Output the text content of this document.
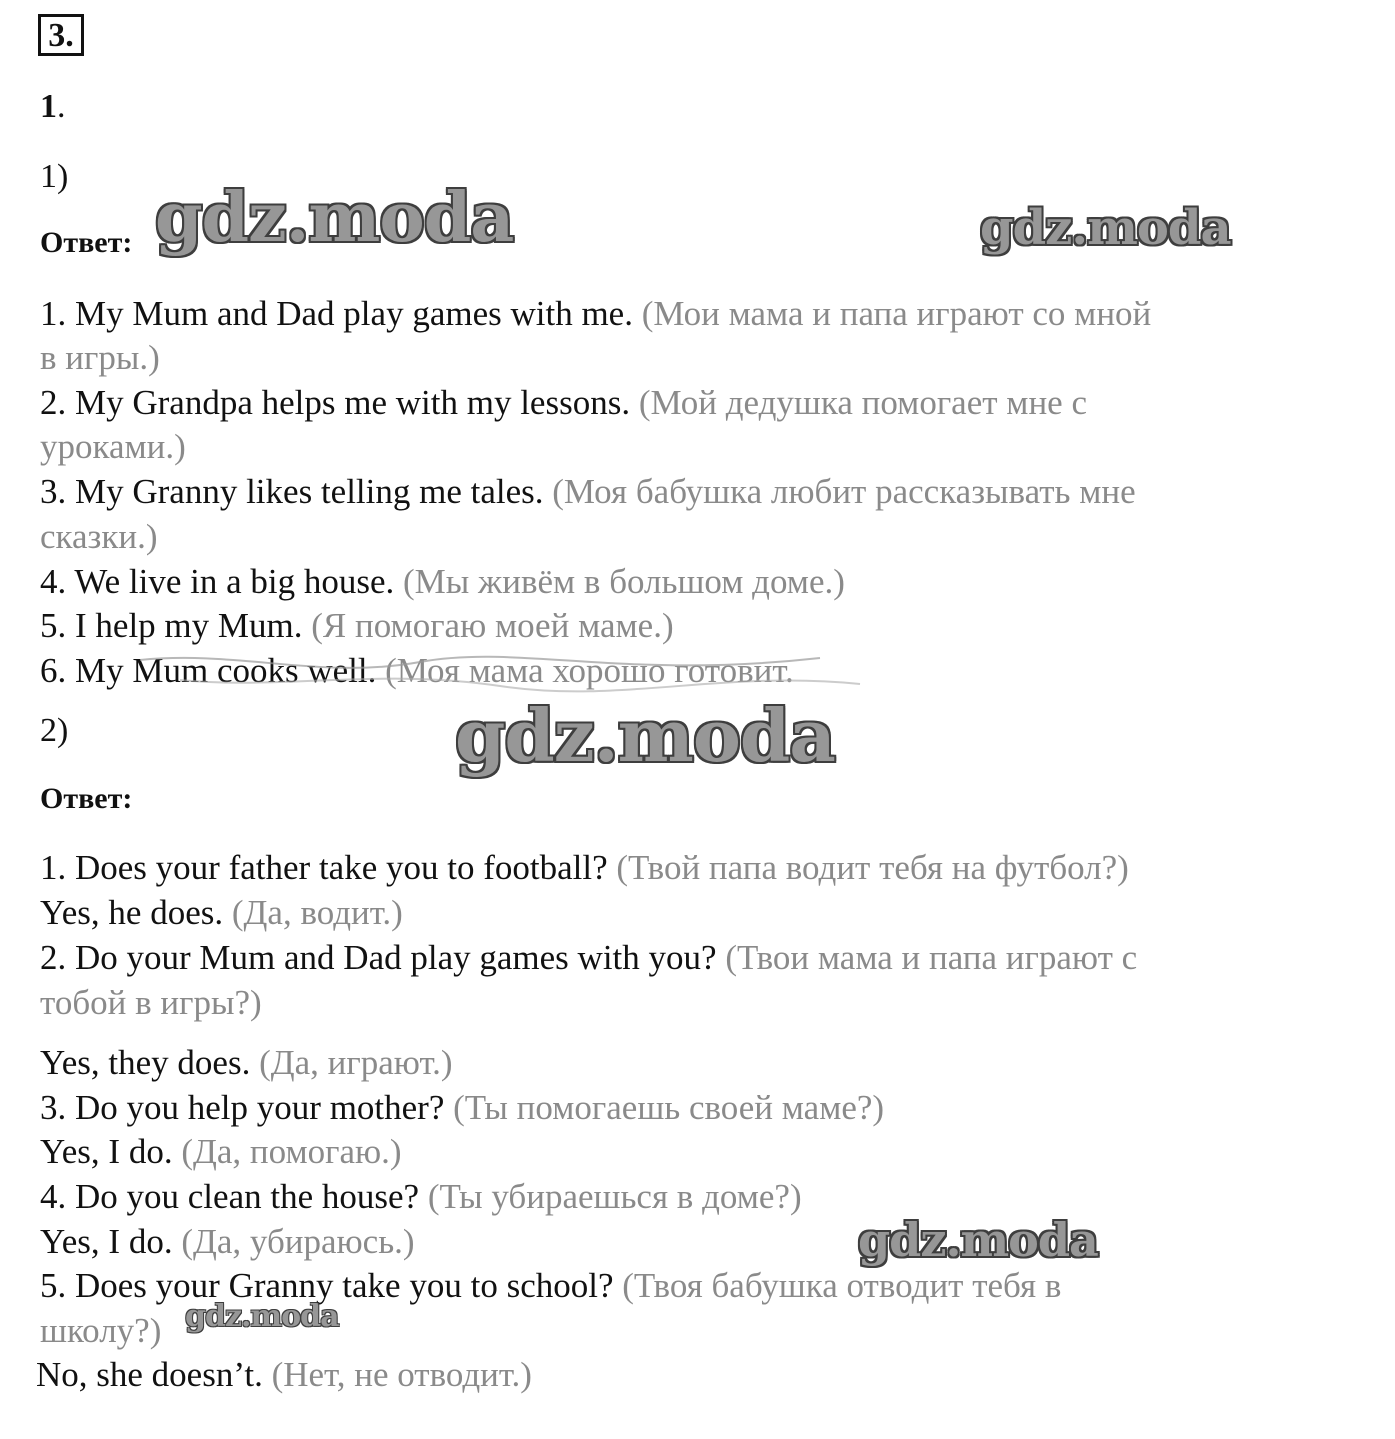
3.
1.
1)
Ответ:
1. My Mum and Dad play games with me. (Мои мама и папа играют со мной
в игры.)
2. My Grandpa helps me with my lessons. (Мой дедушка помогает мне с
уроками.)
3. My Granny likes telling me tales. (Моя бабушка любит рассказывать мне
сказки.)
4. We live in a big house. (Мы живём в большом доме.)
5. I help my Mum. (Я помогаю моей маме.)
6. My Mum cooks well. (Моя мама хорошо готовит.
2)
Ответ:
1. Does your father take you to football? (Твой папа водит тебя на футбол?)
Yes, he does. (Да, водит.)
2. Do your Mum and Dad play games with you? (Твои мама и папа играют с
тобой в игры?)
Yes, they does. (Да, играют.)
3. Do you help your mother? (Ты помогаешь своей маме?)
Yes, I do. (Да, помогаю.)
4. Do you clean the house? (Ты убираешься в доме?)
Yes, I do. (Да, убираюсь.)
5. Does your Granny take you to school? (Твоя бабушка отводит тебя в
школу?)
No, she doesn’t. (Нет, не отводит.)
gdz.moda	gdz.moda
gdz.moda
gdz.moda
gdz.moda
